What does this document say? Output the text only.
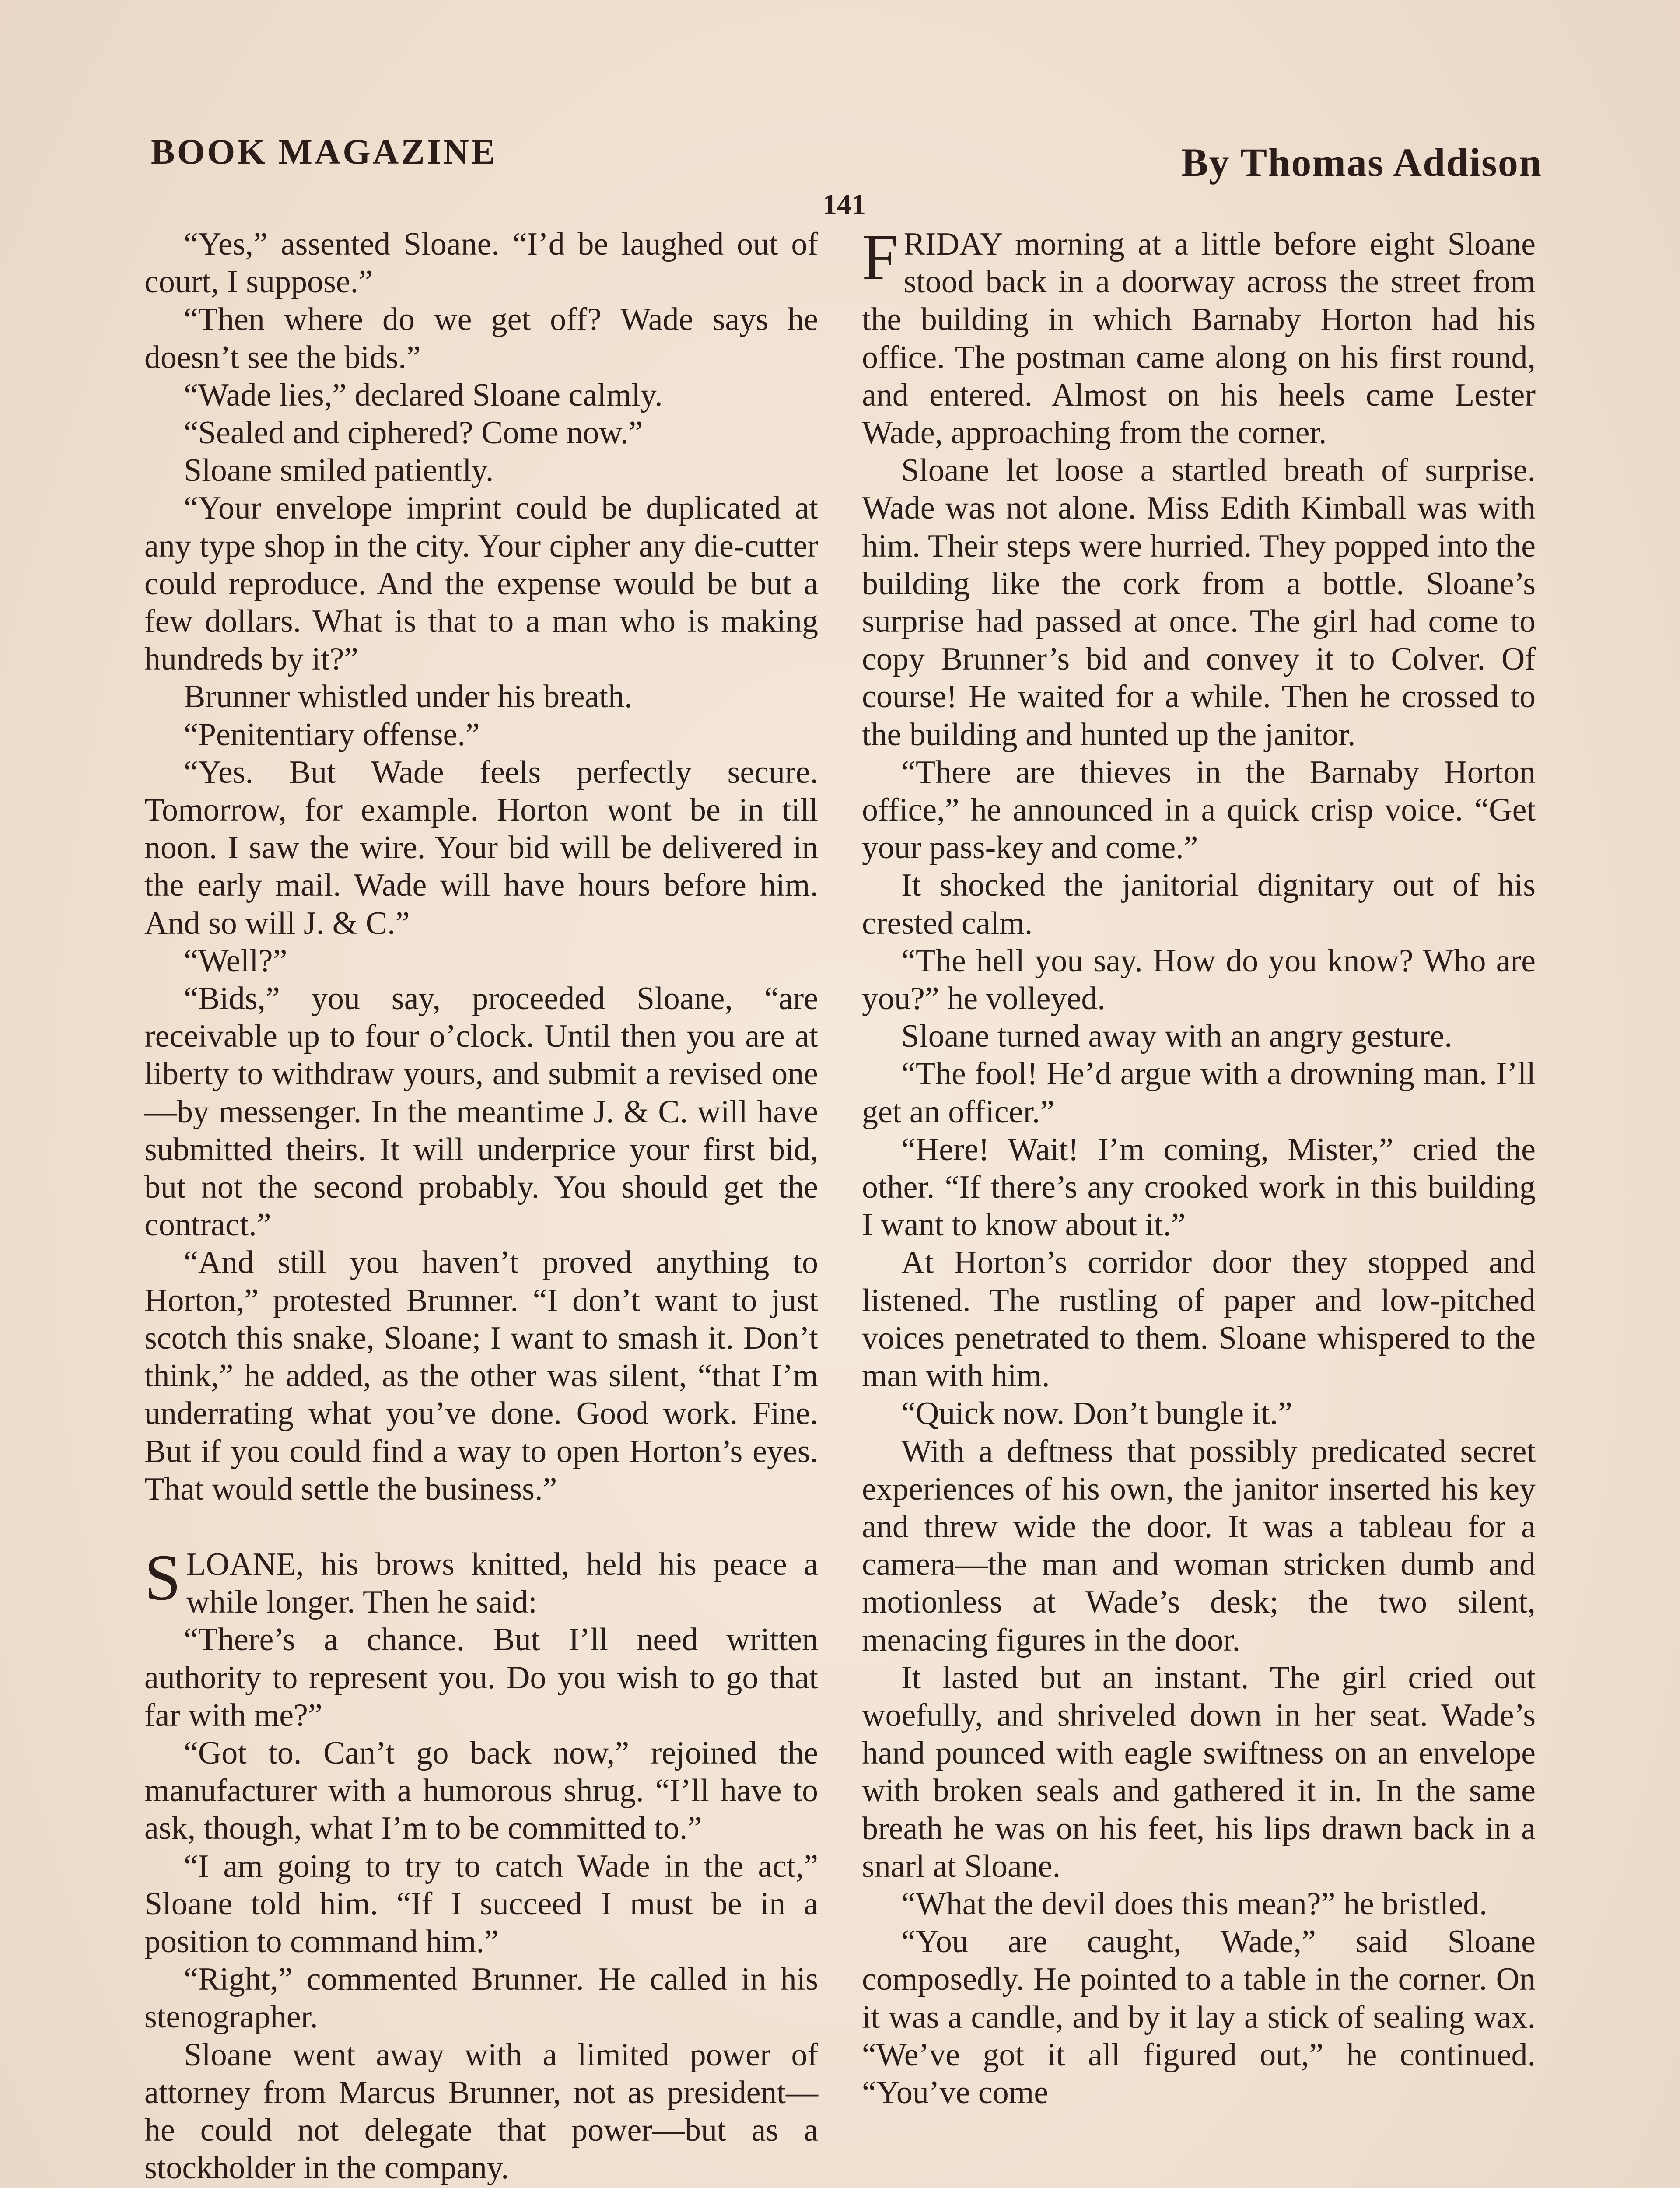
BOOK MAGAZINE	By Thomas Addison
141

“Yes,” assented Sloane. “I’d be laughed out of court, I suppose.”

“Then where do we get off? Wade says he doesn’t see the bids.”

“Wade lies,” declared Sloane calmly.

“Sealed and ciphered? Come now.”

Sloane smiled patiently.

“Your envelope imprint could be duplicated at any type shop in the city. Your cipher any die-cutter could reproduce. And the expense would be but a few dollars. What is that to a man who is making hundreds by it?”

Brunner whistled under his breath.

“Penitentiary offense.”

“Yes. But Wade feels perfectly secure. Tomorrow, for example. Horton wont be in till noon. I saw the wire. Your bid will be delivered in the early mail. Wade will have hours before him. And so will J. & C.”

“Well?”

“Bids,” you say, proceeded Sloane, “are receivable up to four o’clock. Until then you are at liberty to withdraw yours, and submit a revised one—by messenger. In the meantime J. & C. will have submitted theirs. It will underprice your first bid, but not the second probably. You should get the contract.”

“And still you haven’t proved anything to Horton,” protested Brunner. “I don’t want to just scotch this snake, Sloane; I want to smash it. Don’t think,” he added, as the other was silent, “that I’m underrating what you’ve done. Good work. Fine. But if you could find a way to open Horton’s eyes. That would settle the business.”

SLOANE, his brows knitted, held his peace a while longer. Then he said:

“There’s a chance. But I’ll need written authority to represent you. Do you wish to go that far with me?”

“Got to. Can’t go back now,” rejoined the manufacturer with a humorous shrug. “I’ll have to ask, though, what I’m to be committed to.”

“I am going to try to catch Wade in the act,” Sloane told him. “If I succeed I must be in a position to command him.”

“Right,” commented Brunner. He called in his stenographer.

Sloane went away with a limited power of attorney from Marcus Brunner, not as president—he could not delegate that power—but as a stockholder in the company.

FRIDAY morning at a little before eight Sloane stood back in a doorway across the street from the building in which Barnaby Horton had his office. The postman came along on his first round, and entered. Almost on his heels came Lester Wade, approaching from the corner.

Sloane let loose a startled breath of surprise. Wade was not alone. Miss Edith Kimball was with him. Their steps were hurried. They popped into the building like the cork from a bottle. Sloane’s surprise had passed at once. The girl had come to copy Brunner’s bid and convey it to Colver. Of course! He waited for a while. Then he crossed to the building and hunted up the janitor.

“There are thieves in the Barnaby Horton office,” he announced in a quick crisp voice. “Get your pass-key and come.”

It shocked the janitorial dignitary out of his crested calm.

“The hell you say. How do you know? Who are you?” he volleyed.

Sloane turned away with an angry gesture.

“The fool! He’d argue with a drowning man. I’ll get an officer.”

“Here! Wait! I’m coming, Mister,” cried the other. “If there’s any crooked work in this building I want to know about it.”

At Horton’s corridor door they stopped and listened. The rustling of paper and low-pitched voices penetrated to them. Sloane whispered to the man with him.

“Quick now. Don’t bungle it.”

With a deftness that possibly predicated secret experiences of his own, the janitor inserted his key and threw wide the door. It was a tableau for a camera—the man and woman stricken dumb and motionless at Wade’s desk; the two silent, menacing figures in the door.

It lasted but an instant. The girl cried out woefully, and shriveled down in her seat. Wade’s hand pounced with eagle swiftness on an envelope with broken seals and gathered it in. In the same breath he was on his feet, his lips drawn back in a snarl at Sloane.

“What the devil does this mean?” he bristled.

“You are caught, Wade,” said Sloane composedly. He pointed to a table in the corner. On it was a candle, and by it lay a stick of sealing wax. “We’ve got it all figured out,” he continued. “You’ve come
